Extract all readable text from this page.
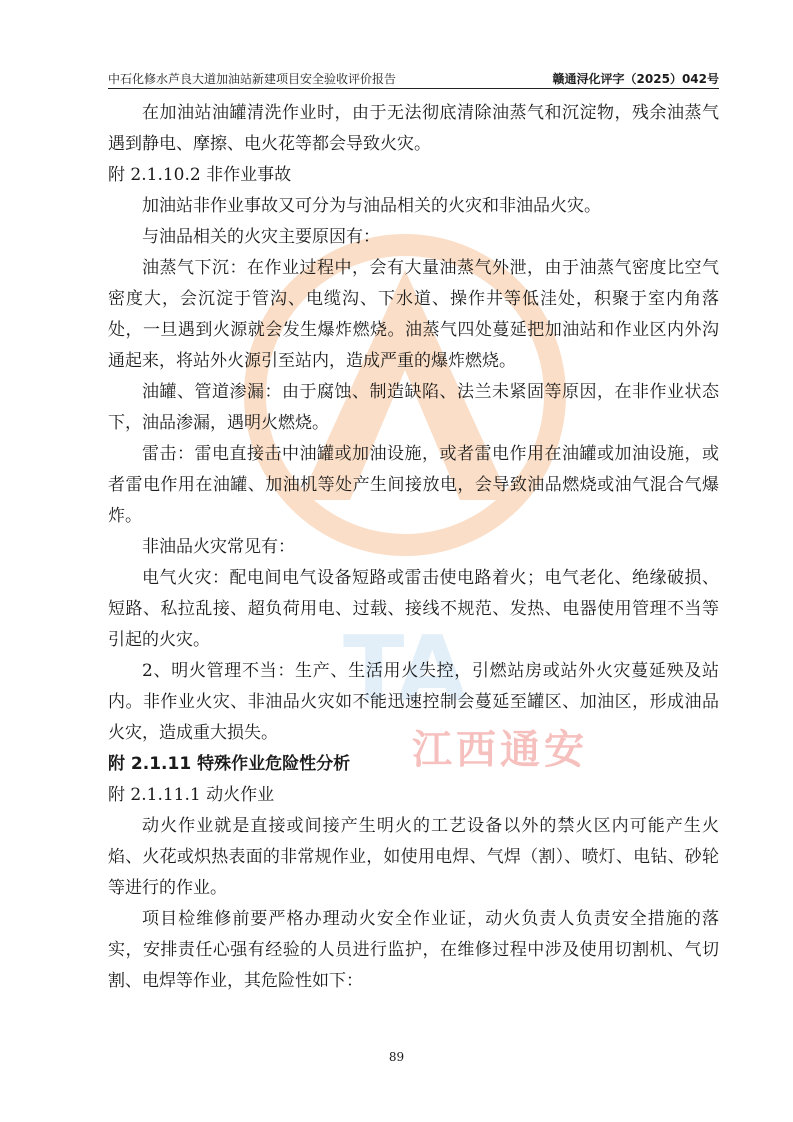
中石化修水芦良大道加油站新建项目安全验收评价报告	赣通浔化评字（2025）042号
TA
江西通安

在加油站油罐清洗作业时，由于无法彻底清除油蒸气和沉淀物，残余油蒸气遇到静电、摩擦、电火花等都会导致火灾。

附 2.1.10.2 非作业事故

加油站非作业事故又可分为与油品相关的火灾和非油品火灾。

与油品相关的火灾主要原因有：

油蒸气下沉：在作业过程中，会有大量油蒸气外泄，由于油蒸气密度比空气密度大，会沉淀于管沟、电缆沟、下水道、操作井等低洼处，积聚于室内角落处，一旦遇到火源就会发生爆炸燃烧。油蒸气四处蔓延把加油站和作业区内外沟通起来，将站外火源引至站内，造成严重的爆炸燃烧。

油罐、管道渗漏：由于腐蚀、制造缺陷、法兰未紧固等原因，在非作业状态下，油品渗漏，遇明火燃烧。

雷击：雷电直接击中油罐或加油设施，或者雷电作用在油罐或加油设施，或者雷电作用在油罐、加油机等处产生间接放电，会导致油品燃烧或油气混合气爆炸。

非油品火灾常见有：

电气火灾：配电间电气设备短路或雷击使电路着火；电气老化、绝缘破损、短路、私拉乱接、超负荷用电、过载、接线不规范、发热、电器使用管理不当等引起的火灾。

2、明火管理不当：生产、生活用火失控，引燃站房或站外火灾蔓延殃及站内。非作业火灾、非油品火灾如不能迅速控制会蔓延至罐区、加油区，形成油品火灾，造成重大损失。

附 2.1.11 特殊作业危险性分析

附 2.1.11.1 动火作业

动火作业就是直接或间接产生明火的工艺设备以外的禁火区内可能产生火焰、火花或炽热表面的非常规作业，如使用电焊、气焊（割）、喷灯、电钻、砂轮等进行的作业。

项目检维修前要严格办理动火安全作业证，动火负责人负责安全措施的落实，安排责任心强有经验的人员进行监护，在维修过程中涉及使用切割机、气切割、电焊等作业，其危险性如下：

89
